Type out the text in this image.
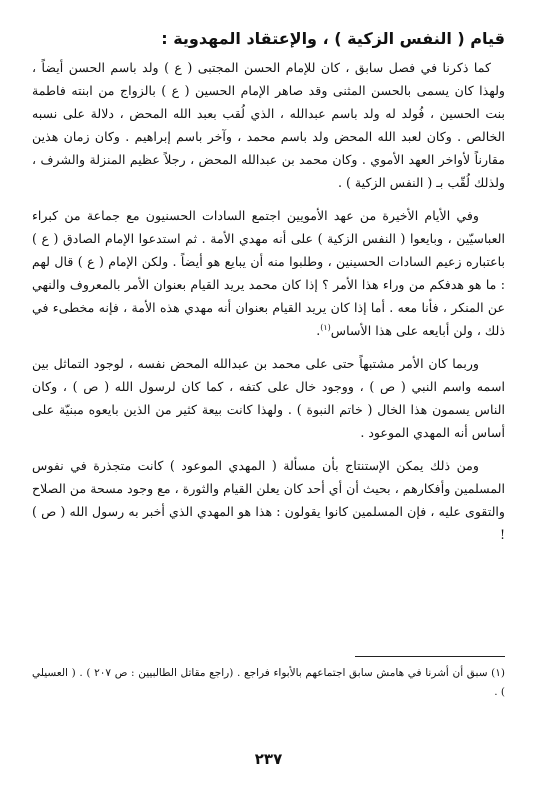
قيام ( النفس الزكية ) ، والإعتقاد المهدوية :

كما ذكرنا في فصل سابق ، كان للإمام الحسن المجتبى ( ع ) ولد باسم الحسن أيضاً ، ولهذا كان يسمى بالحسن المثنى وقد صاهر الإمام الحسين ( ع ) بالزواج من ابنته فاطمة بنت الحسين ، فُولد له ولد باسم عبدالله ، الذي لُقب بعبد الله المحض ، دلالة على نسبه الخالص . وكان لعبد الله المحض ولد باسم محمد ، وآخر باسم إبراهيم . وكان زمان هذين مقارناً لأواخر العهد الأموي . وكان محمد بن عبدالله المحض ، رجلاً عظيم المنزلة والشرف ، ولذلك لُقّب بـ ( النفس الزكية ) .

وفي الأيام الأخيرة من عهد الأمويين اجتمع السادات الحسنيون مع جماعة من كبراء العباسيّين ، وبايعوا ( النفس الزكية ) على أنه مهدي الأمة . ثم استدعوا الإمام الصادق ( ع ) باعتباره زعيم السادات الحسينين ، وطلبوا منه أن يبايع هو أيضاً . ولكن الإمام ( ع ) قال لهم : ما هو هدفكم من وراء هذا الأمر ؟ إذا كان محمد يريد القيام بعنوان الأمر بالمعروف والنهي عن المنكر ، فأنا معه . أما إذا كان يريد القيام بعنوان أنه مهدي هذه الأمة ، فإنه مخطىء في ذلك ، ولن أبايعه على هذا الأساس$^{(١)}$.

وربما كان الأمر مشتبهاً حتى على محمد بن عبدالله المحض نفسه ، لوجود التماثل بين اسمه واسم النبي ( ص ) ، ووجود خال على كتفه ، كما كان لرسول الله ( ص ) ، وكان الناس يسمون هذا الخال ( خاتم النبوة ) . ولهذا كانت بيعة كثير من الذين بايعوه مبنيّة على أساس أنه المهدي الموعود .

ومن ذلك يمكن الإستنتاج بأن مسألة ( المهدي الموعود ) كانت متجذرة في نفوس المسلمين وأفكارهم ، بحيث أن أي أحد كان يعلن القيام والثورة ، مع وجود مسحة من الصلاح والتقوى عليه ، فإن المسلمين كانوا يقولون : هذا هو المهدي الذي أخبر به رسول الله ( ص ) !

(١) سبق أن أشرنا في هامش سابق اجتماعهم بالأبواء فراجع . (راجع مقاتل الطالبيين : ص ٢٠٧ ) . ( العسيلي ) .
٢٣٧
